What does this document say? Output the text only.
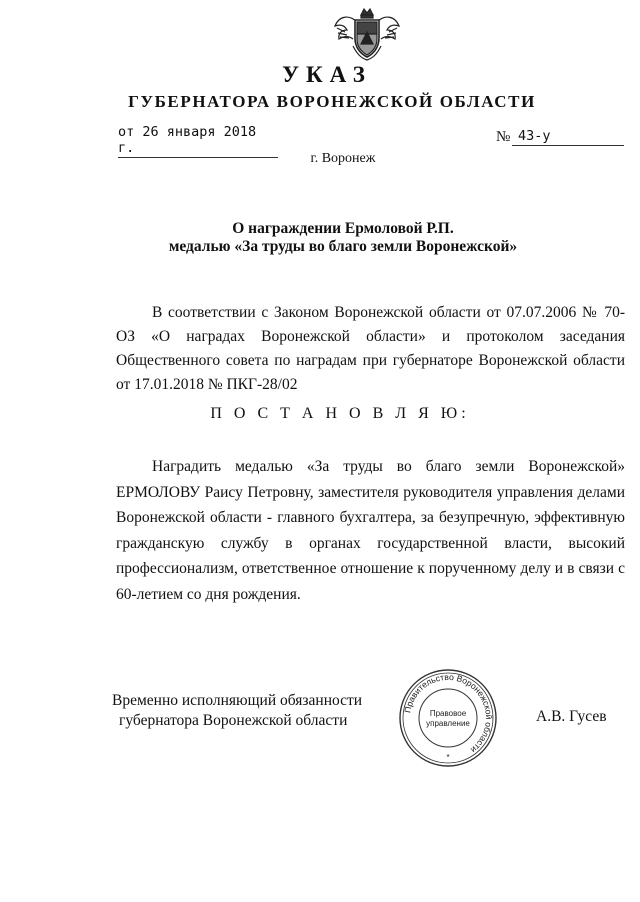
УКАЗ
ГУБЕРНАТОРА ВОРОНЕЖСКОЙ ОБЛАСТИ
от 26 января 2018 г.
№ 43-у
г. Воронеж
О награждении Ермоловой Р.П.
медалью «За труды во благо земли Воронежской»

В соответствии с Законом Воронежской области от 07.07.2006 № 70-ОЗ «О наградах Воронежской области» и протоколом заседания Общественного совета по наградам при губернаторе Воронежской области от 17.01.2018 № ПКГ-28/02

П О С Т А Н О В Л Я Ю:

Наградить медалью «За труды во благо земли Воронежской» ЕРМОЛОВУ Раису Петровну, заместителя руководителя управления делами Воронежской области - главного бухгалтера, за безупречную, эффективную гражданскую службу в органах государственной власти, высокий профессионализм, ответственное отношение к порученному делу и в связи с 60-летием со дня рождения.

Временно исполняющий обязанности
губернатора Воронежской области
Правительство Воронежской области
Правовое
управление
*
А.В. Гусев
